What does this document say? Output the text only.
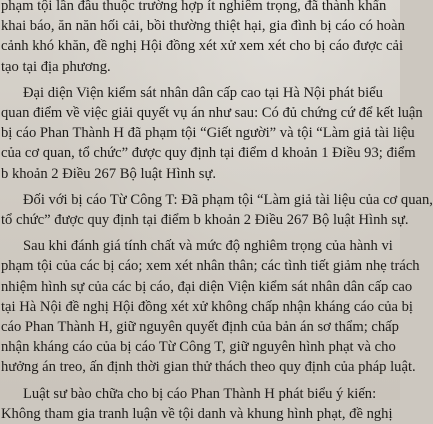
phạm tội lần đầu thuộc trường hợp ít nghiêm trọng, đã thành khẩn
khai báo, ăn năn hối cải, bồi thường thiệt hại, gia đình bị cáo có hoàn
cảnh khó khăn, đề nghị Hội đồng xét xử xem xét cho bị cáo được cải
tạo tại địa phương.
Đại diện Viện kiểm sát nhân dân cấp cao tại Hà Nội phát biểu
quan điểm về việc giải quyết vụ án như sau: Có đủ chứng cứ để kết luận
bị cáo Phan Thành H đã phạm tội “Giết người” và tội “Làm giả tài liệu
của cơ quan, tổ chức” được quy định tại điểm d khoản 1 Điều 93; điểm
b khoản 2 Điều 267 Bộ luật Hình sự.
Đối với bị cáo Từ Công T: Đã phạm tội “Làm giả tài liệu của cơ quan,
tổ chức” được quy định tại điểm b khoản 2 Điều 267 Bộ luật Hình sự.
Sau khi đánh giá tính chất và mức độ nghiêm trọng của hành vi
phạm tội của các bị cáo; xem xét nhân thân; các tình tiết giảm nhẹ trách
nhiệm hình sự của các bị cáo, đại diện Viện kiểm sát nhân dân cấp cao
tại Hà Nội đề nghị Hội đồng xét xử không chấp nhận kháng cáo của bị
cáo Phan Thành H, giữ nguyên quyết định của bản án sơ thẩm; chấp
nhận kháng cáo của bị cáo Từ Công T, giữ nguyên hình phạt và cho
hưởng án treo, ấn định thời gian thử thách theo quy định của pháp luật.
Luật sư bào chữa cho bị cáo Phan Thành H phát biểu ý kiến:
Không tham gia tranh luận về tội danh và khung hình phạt, đề nghị
